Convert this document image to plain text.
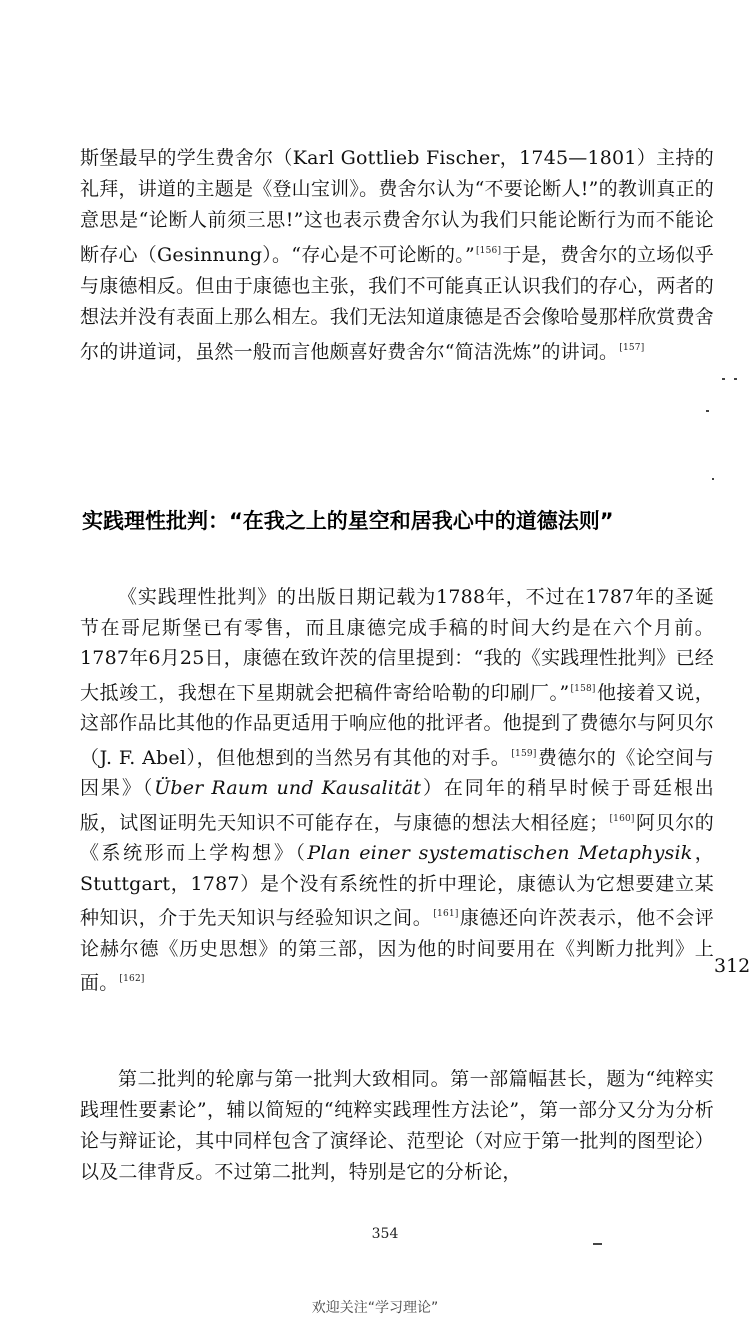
斯堡最早的学生费舍尔（Karl Gottlieb Fischer，1745—1801）主持的礼拜，讲道的主题是《登山宝训》。费舍尔认为“不要论断人!”的教训真正的意思是“论断人前须三思!”这也表示费舍尔认为我们只能论断行为而不能论断存心（Gesinnung）。“存心是不可论断的。”[156]于是，费舍尔的立场似乎与康德相反。但由于康德也主张，我们不可能真正认识我们的存心，两者的想法并没有表面上那么相左。我们无法知道康德是否会像哈曼那样欣赏费舍尔的讲道词，虽然一般而言他颇喜好费舍尔“简洁洗炼”的讲词。[157]

实践理性批判：“在我之上的星空和居我心中的道德法则”

《实践理性批判》的出版日期记载为1788年，不过在1787年的圣诞节在哥尼斯堡已有零售，而且康德完成手稿的时间大约是在六个月前。1787年6月25日，康德在致许茨的信里提到：“我的《实践理性批判》已经大抵竣工，我想在下星期就会把稿件寄给哈勒的印刷厂。”[158]他接着又说，这部作品比其他的作品更适用于响应他的批评者。他提到了费德尔与阿贝尔（J. F. Abel），但他想到的当然另有其他的对手。[159]费德尔的《论空间与因果》（Über Raum und Kausalität）在同年的稍早时候于哥廷根出版，试图证明先天知识不可能存在，与康德的想法大相径庭；[160]阿贝尔的《系统形而上学构想》（Plan einer systematischen Metaphysik，Stuttgart，1787）是个没有系统性的折中理论，康德认为它想要建立某种知识，介于先天知识与经验知识之间。[161]康德还向许茨表示，他不会评论赫尔德《历史思想》的第三部，因为他的时间要用在《判断力批判》上面。[162]

312

第二批判的轮廓与第一批判大致相同。第一部篇幅甚长，题为“纯粹实践理性要素论”，辅以简短的“纯粹实践理性方法论”，第一部分又分为分析论与辩证论，其中同样包含了演绎论、范型论（对应于第一批判的图型论）以及二律背反。不过第二批判，特别是它的分析论，

354
欢迎关注“学习理论”
